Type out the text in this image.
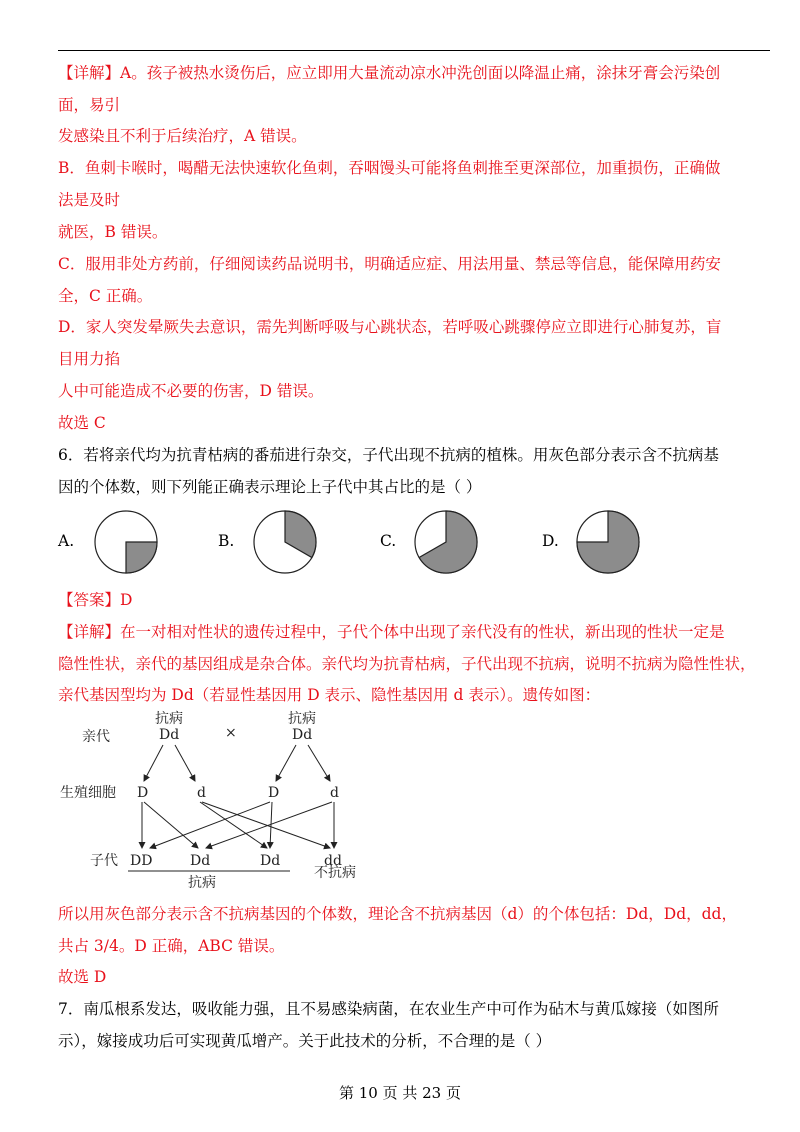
【详解】A。孩子被热水烫伤后，应立即用大量流动凉水冲洗创面以降温止痛，涂抹牙膏会污染创
面，易引
发感染且不利于后续治疗，A 错误。
B．鱼刺卡喉时，喝醋无法快速软化鱼刺，吞咽馒头可能将鱼刺推至更深部位，加重损伤，正确做
法是及时
就医，B 错误。
C．服用非处方药前，仔细阅读药品说明书，明确适应症、用法用量、禁忌等信息，能保障用药安
全，C 正确。
D．家人突发晕厥失去意识，需先判断呼吸与心跳状态，若呼吸心跳骤停应立即进行心肺复苏，盲
目用力掐
人中可能造成不必要的伤害，D 错误。
故选 C
6．若将亲代均为抗青枯病的番茄进行杂交，子代出现不抗病的植株。用灰色部分表示含不抗病基
因的个体数，则下列能正确表示理论上子代中其占比的是（ ）
A.	B.	C.	D.
【答案】D
【详解】在一对相对性状的遗传过程中，子代个体中出现了亲代没有的性状，新出现的性状一定是
隐性性状，亲代的基因组成是杂合体。亲代均为抗青枯病，子代出现不抗病，说明不抗病为隐性性状，
亲代基因型均为 Dd（若显性基因用 D 表示、隐性基因用 d 表示）。遗传如图：
亲代
生殖细胞
子代
抗病
Dd	×
抗病
Dd
D	d	D	d
DD	Dd	Dd	dd
抗病
不抗病
所以用灰色部分表示含不抗病基因的个体数，理论含不抗病基因（d）的个体包括：Dd，Dd，dd，
共占 3/4。D 正确，ABC 错误。
故选 D
7．南瓜根系发达，吸收能力强，且不易感染病菌，在农业生产中可作为砧木与黄瓜嫁接（如图所
示），嫁接成功后可实现黄瓜增产。关于此技术的分析，不合理的是（ ）
第 10 页 共 23 页
